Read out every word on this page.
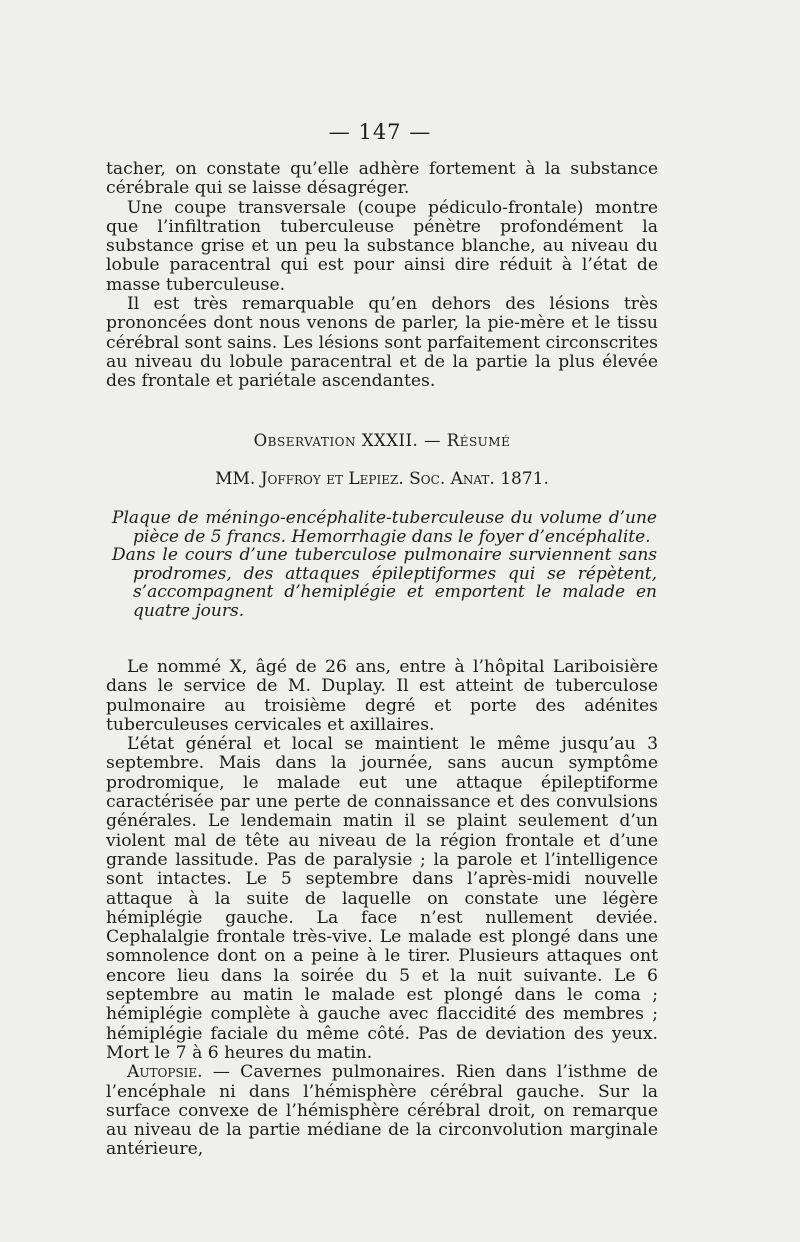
— 147 —

tacher, on constate qu’elle adhère fortement à la substance cérébrale qui se laisse désagréger.

Une coupe transversale (coupe pédiculo-frontale) montre que l’infiltration tuberculeuse pénètre profondément la substance grise et un peu la substance blanche, au niveau du lobule paracentral qui est pour ainsi dire réduit à l’état de masse tuberculeuse.

Il est très remarquable qu’en dehors des lésions très prononcées dont nous venons de parler, la pie-mère et le tissu cérébral sont sains. Les lésions sont parfaitement circonscrites au niveau du lobule paracentral et de la partie la plus élevée des frontale et pariétale ascendantes.

Observation XXXII. — Résumé
MM. Joffroy et Lepiez. Soc. Anat. 1871.

Plaque de méningo-encéphalite-tuberculeuse du volume d’une pièce de 5 francs. Hemorrhagie dans le foyer d’encéphalite.

Dans le cours d’une tuberculose pulmonaire surviennent sans prodromes, des attaques épileptiformes qui se répètent, s’accompagnent d’hemiplégie et emportent le malade en quatre jours.

Le nommé X, âgé de 26 ans, entre à l’hôpital Lariboisière dans le service de M. Duplay. Il est atteint de tuberculose pulmonaire au troisième degré et porte des adénites tuberculeuses cervicales et axillaires.

L’état général et local se maintient le même jusqu’au 3 septembre. Mais dans la journée, sans aucun symptôme prodromique, le malade eut une attaque épileptiforme caractérisée par une perte de connaissance et des convulsions générales. Le lendemain matin il se plaint seulement d’un violent mal de tête au niveau de la région frontale et d’une grande lassitude. Pas de paralysie ; la parole et l’intelligence sont intactes. Le 5 septembre dans l’après-midi nouvelle attaque à la suite de laquelle on constate une légère hémiplégie gauche. La face n’est nullement deviée. Cephalalgie frontale très-vive. Le malade est plongé dans une somnolence dont on a peine à le tirer. Plusieurs attaques ont encore lieu dans la soirée du 5 et la nuit suivante. Le 6 septembre au matin le malade est plongé dans le coma ; hémiplégie complète à gauche avec flaccidité des membres ; hémiplégie faciale du même côté. Pas de deviation des yeux. Mort le 7 à 6 heures du matin.

Autopsie. — Cavernes pulmonaires. Rien dans l’isthme de l’encéphale ni dans l’hémisphère cérébral gauche. Sur la surface convexe de l’hémisphère cérébral droit, on remarque au niveau de la partie médiane de la circonvolution marginale antérieure,
